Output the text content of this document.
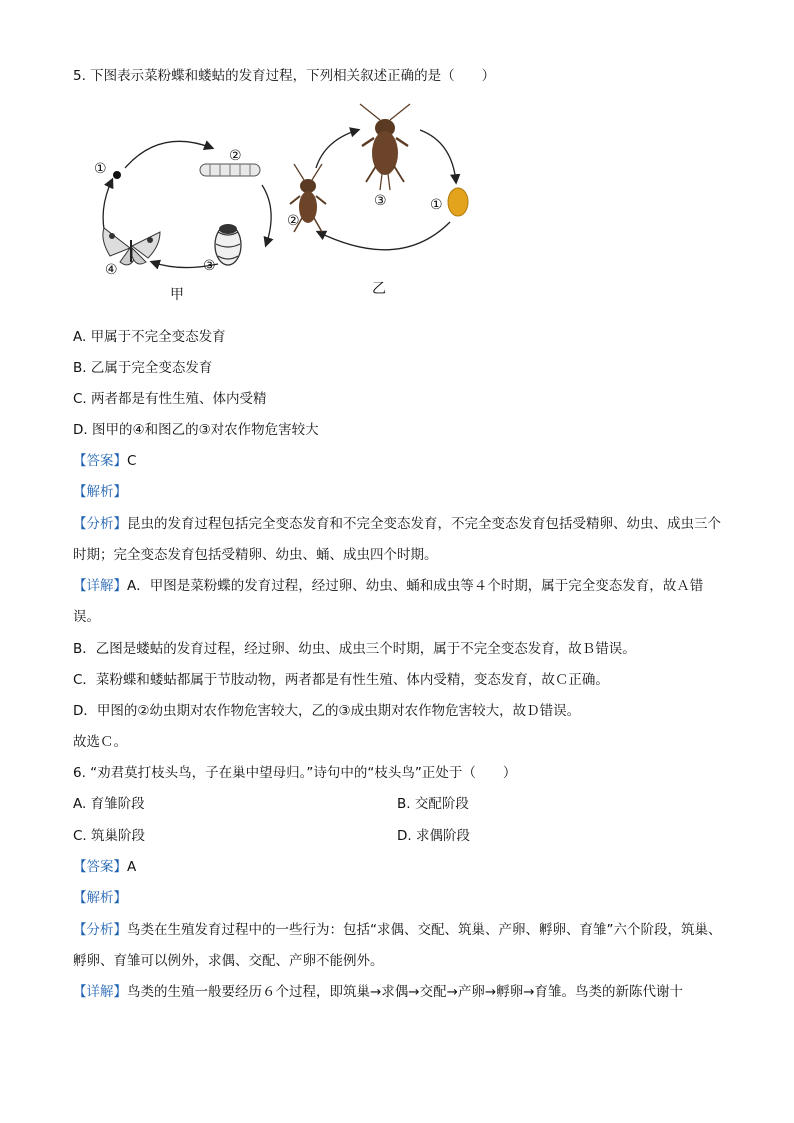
5. 下图表示菜粉蝶和蝼蛄的发育过程，下列相关叙述正确的是（　　）
①
②
③
④
甲
②
③	①
乙
A. 甲属于不完全变态发育
B. 乙属于完全变态发育
C. 两者都是有性生殖、体内受精
D. 图甲的④和图乙的③对农作物危害较大
【答案】C
【解析】
【分析】昆虫的发育过程包括完全变态发育和不完全变态发育，不完全变态发育包括受精卵、幼虫、成虫三个时期；完全变态发育包括受精卵、幼虫、蛹、成虫四个时期。
【详解】A．甲图是菜粉蝶的发育过程，经过卵、幼虫、蛹和成虫等４个时期，属于完全变态发育，故Ａ错误。
B．乙图是蝼蛄的发育过程，经过卵、幼虫、成虫三个时期，属于不完全变态发育，故Ｂ错误。
C．菜粉蝶和蝼蛄都属于节肢动物，两者都是有性生殖、体内受精，变态发育，故Ｃ正确。
D．甲图的②幼虫期对农作物危害较大，乙的③成虫期对农作物危害较大，故Ｄ错误。
故选Ｃ。
6. “劝君莫打枝头鸟，子在巢中望母归。”诗句中的“枝头鸟”正处于（　　）
A. 育雏阶段	B. 交配阶段
C. 筑巢阶段	D. 求偶阶段
【答案】A
【解析】
【分析】鸟类在生殖发育过程中的一些行为：包括“求偶、交配、筑巢、产卵、孵卵、育雏”六个阶段，筑巢、孵卵、育雏可以例外，求偶、交配、产卵不能例外。
【详解】鸟类的生殖一般要经历６个过程，即筑巢→求偶→交配→产卵→孵卵→育雏。鸟类的新陈代谢十
